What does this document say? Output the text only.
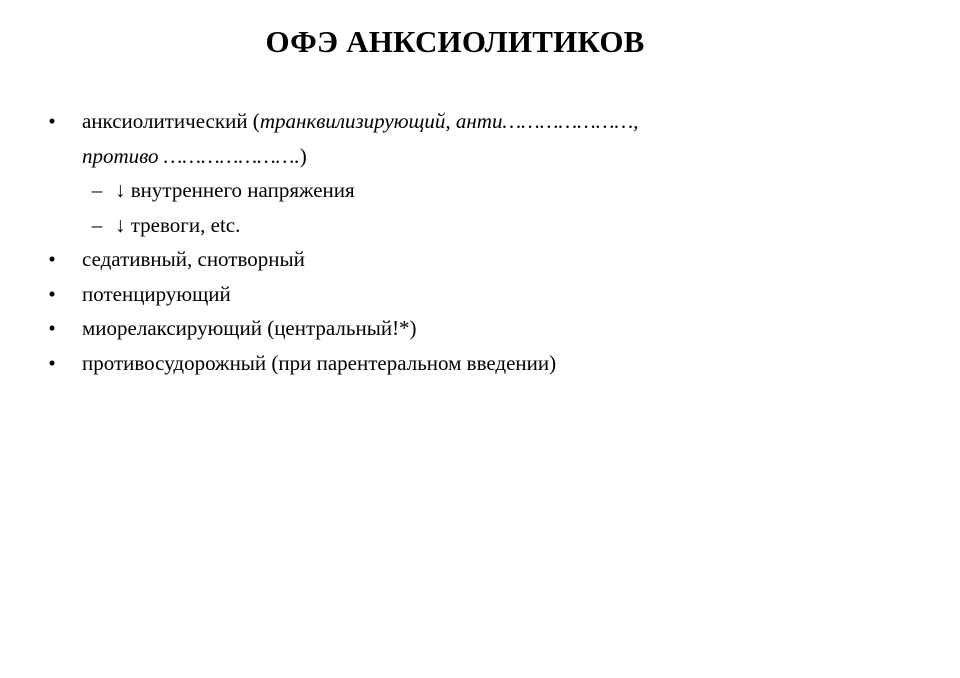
ОФЭ АНКСИОЛИТИКОВ
• анксиолитический (транквилизирующий, анти…………………,
противо ………………….)
– ↓ внутреннего напряжения
– ↓ тревоги, etc.
• седативный, снотворный
• потенцирующий
• миорелаксирующий (центральный!*)
• противосудорожный (при парентеральном введении)
